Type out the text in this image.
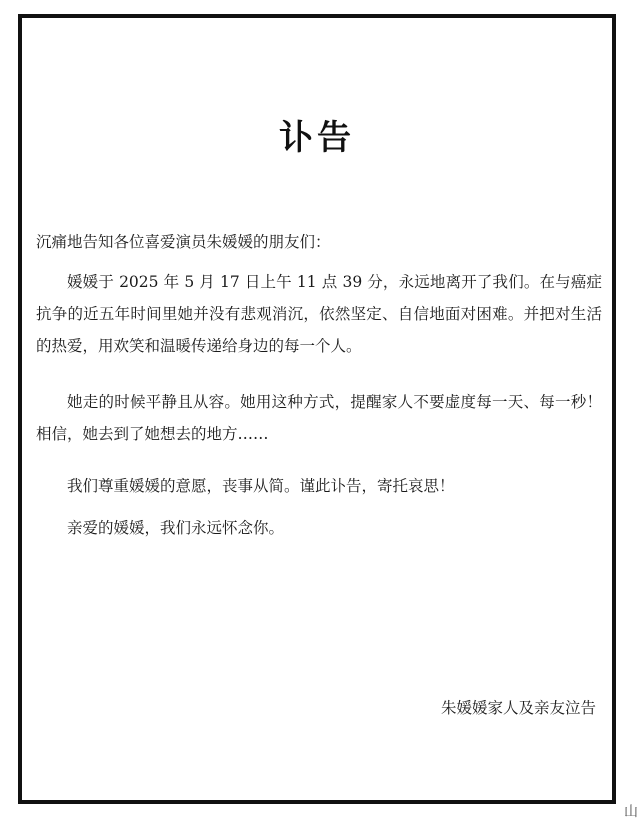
讣告
沉痛地告知各位喜爱演员朱媛媛的朋友们：

媛媛于 2025 年 5 月 17 日上午 11 点 39 分，永远地离开了我们。在与癌症抗争的近五年时间里她并没有悲观消沉，依然坚定、自信地面对困难。并把对生活的热爱，用欢笑和温暖传递给身边的每一个人。

她走的时候平静且从容。她用这种方式，提醒家人不要虚度每一天、每一秒！相信，她去到了她想去的地方……

我们尊重媛媛的意愿，丧事从简。谨此讣告，寄托哀思！

亲爱的媛媛，我们永远怀念你。

朱媛媛家人及亲友泣告
山
